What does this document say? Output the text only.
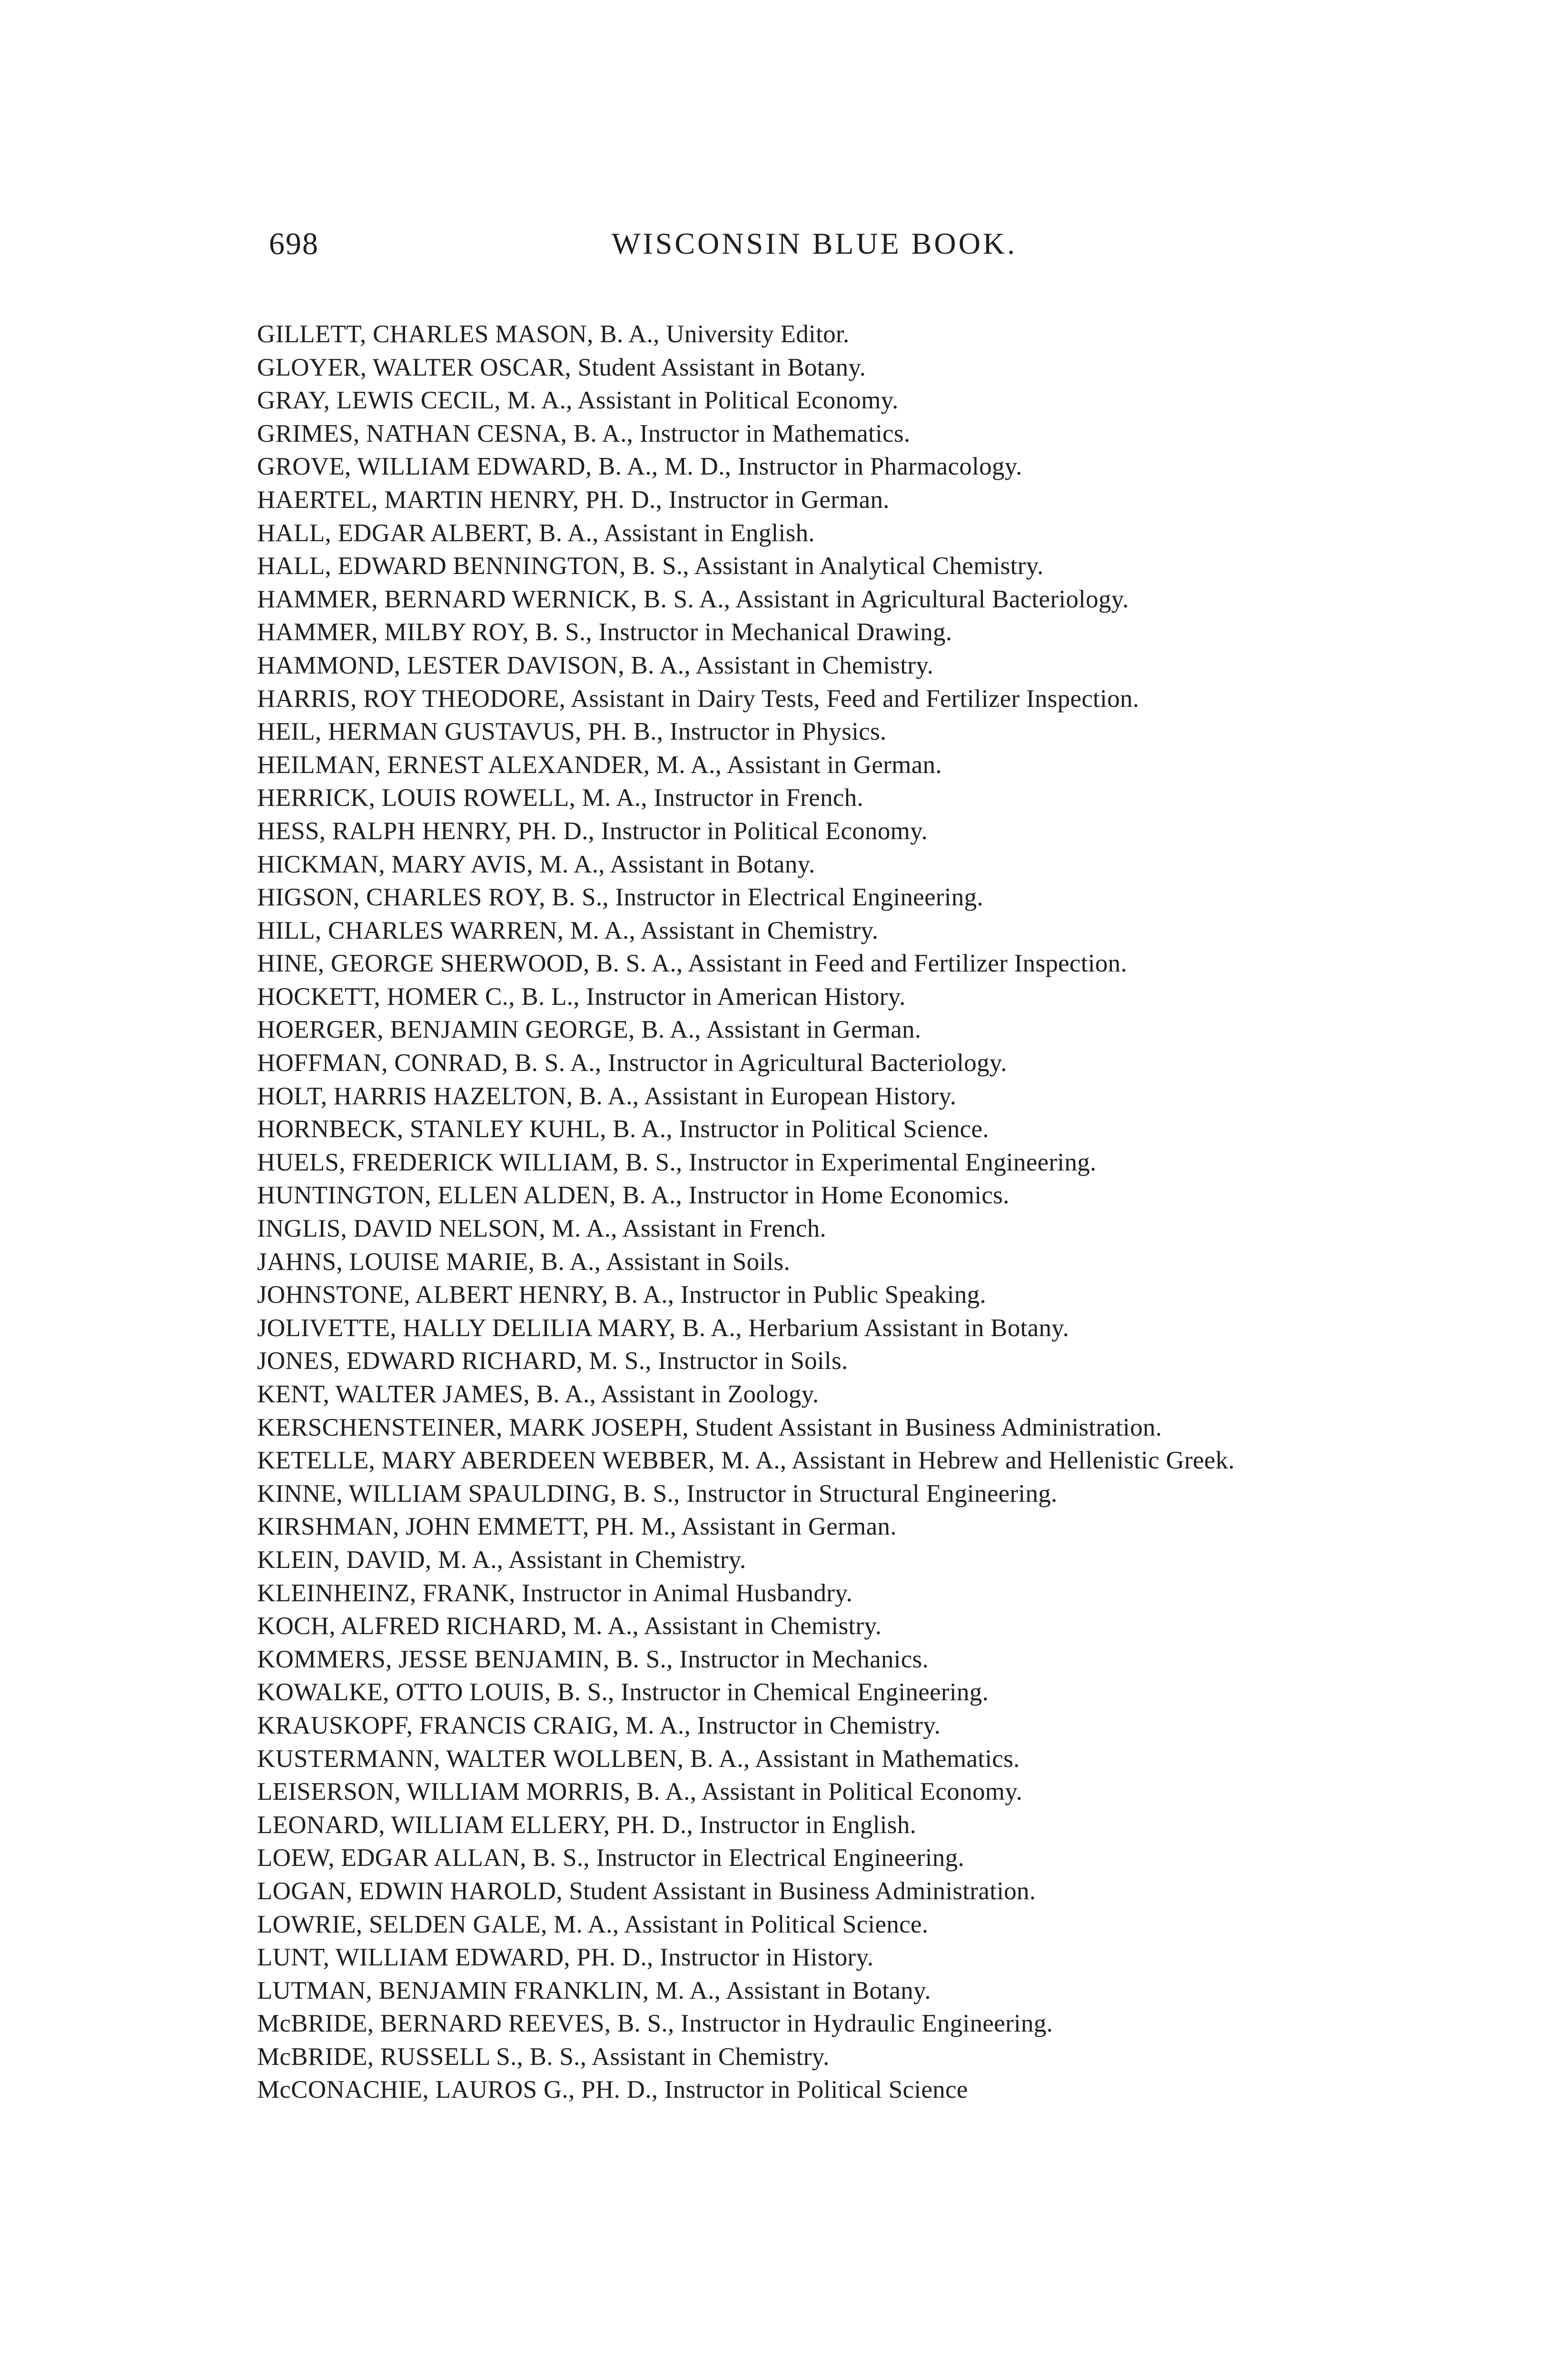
698	WISCONSIN BLUE BOOK.
GILLETT, CHARLES MASON, B. A., University Editor.
GLOYER, WALTER OSCAR, Student Assistant in Botany.
GRAY, LEWIS CECIL, M. A., Assistant in Political Economy.
GRIMES, NATHAN CESNA, B. A., Instructor in Mathematics.
GROVE, WILLIAM EDWARD, B. A., M. D., Instructor in Pharmacology.
HAERTEL, MARTIN HENRY, PH. D., Instructor in German.
HALL, EDGAR ALBERT, B. A., Assistant in English.
HALL, EDWARD BENNINGTON, B. S., Assistant in Analytical Chemistry.
HAMMER, BERNARD WERNICK, B. S. A., Assistant in Agricultural Bacteriology.
HAMMER, MILBY ROY, B. S., Instructor in Mechanical Drawing.
HAMMOND, LESTER DAVISON, B. A., Assistant in Chemistry.
HARRIS, ROY THEODORE, Assistant in Dairy Tests, Feed and Fertilizer Inspection.
HEIL, HERMAN GUSTAVUS, PH. B., Instructor in Physics.
HEILMAN, ERNEST ALEXANDER, M. A., Assistant in German.
HERRICK, LOUIS ROWELL, M. A., Instructor in French.
HESS, RALPH HENRY, PH. D., Instructor in Political Economy.
HICKMAN, MARY AVIS, M. A., Assistant in Botany.
HIGSON, CHARLES ROY, B. S., Instructor in Electrical Engineering.
HILL, CHARLES WARREN, M. A., Assistant in Chemistry.
HINE, GEORGE SHERWOOD, B. S. A., Assistant in Feed and Fertilizer Inspection.
HOCKETT, HOMER C., B. L., Instructor in American History.
HOERGER, BENJAMIN GEORGE, B. A., Assistant in German.
HOFFMAN, CONRAD, B. S. A., Instructor in Agricultural Bacteriology.
HOLT, HARRIS HAZELTON, B. A., Assistant in European History.
HORNBECK, STANLEY KUHL, B. A., Instructor in Political Science.
HUELS, FREDERICK WILLIAM, B. S., Instructor in Experimental Engineering.
HUNTINGTON, ELLEN ALDEN, B. A., Instructor in Home Economics.
INGLIS, DAVID NELSON, M. A., Assistant in French.
JAHNS, LOUISE MARIE, B. A., Assistant in Soils.
JOHNSTONE, ALBERT HENRY, B. A., Instructor in Public Speaking.
JOLIVETTE, HALLY DELILIA MARY, B. A., Herbarium Assistant in Botany.
JONES, EDWARD RICHARD, M. S., Instructor in Soils.
KENT, WALTER JAMES, B. A., Assistant in Zoology.
KERSCHENSTEINER, MARK JOSEPH, Student Assistant in Business Administration.
KETELLE, MARY ABERDEEN WEBBER, M. A., Assistant in Hebrew and Hellenistic Greek.
KINNE, WILLIAM SPAULDING, B. S., Instructor in Structural Engineering.
KIRSHMAN, JOHN EMMETT, PH. M., Assistant in German.
KLEIN, DAVID, M. A., Assistant in Chemistry.
KLEINHEINZ, FRANK, Instructor in Animal Husbandry.
KOCH, ALFRED RICHARD, M. A., Assistant in Chemistry.
KOMMERS, JESSE BENJAMIN, B. S., Instructor in Mechanics.
KOWALKE, OTTO LOUIS, B. S., Instructor in Chemical Engineering.
KRAUSKOPF, FRANCIS CRAIG, M. A., Instructor in Chemistry.
KUSTERMANN, WALTER WOLLBEN, B. A., Assistant in Mathematics.
LEISERSON, WILLIAM MORRIS, B. A., Assistant in Political Economy.
LEONARD, WILLIAM ELLERY, PH. D., Instructor in English.
LOEW, EDGAR ALLAN, B. S., Instructor in Electrical Engineering.
LOGAN, EDWIN HAROLD, Student Assistant in Business Administration.
LOWRIE, SELDEN GALE, M. A., Assistant in Political Science.
LUNT, WILLIAM EDWARD, PH. D., Instructor in History.
LUTMAN, BENJAMIN FRANKLIN, M. A., Assistant in Botany.
McBRIDE, BERNARD REEVES, B. S., Instructor in Hydraulic Engineering.
McBRIDE, RUSSELL S., B. S., Assistant in Chemistry.
McCONACHIE, LAUROS G., PH. D., Instructor in Political Science
